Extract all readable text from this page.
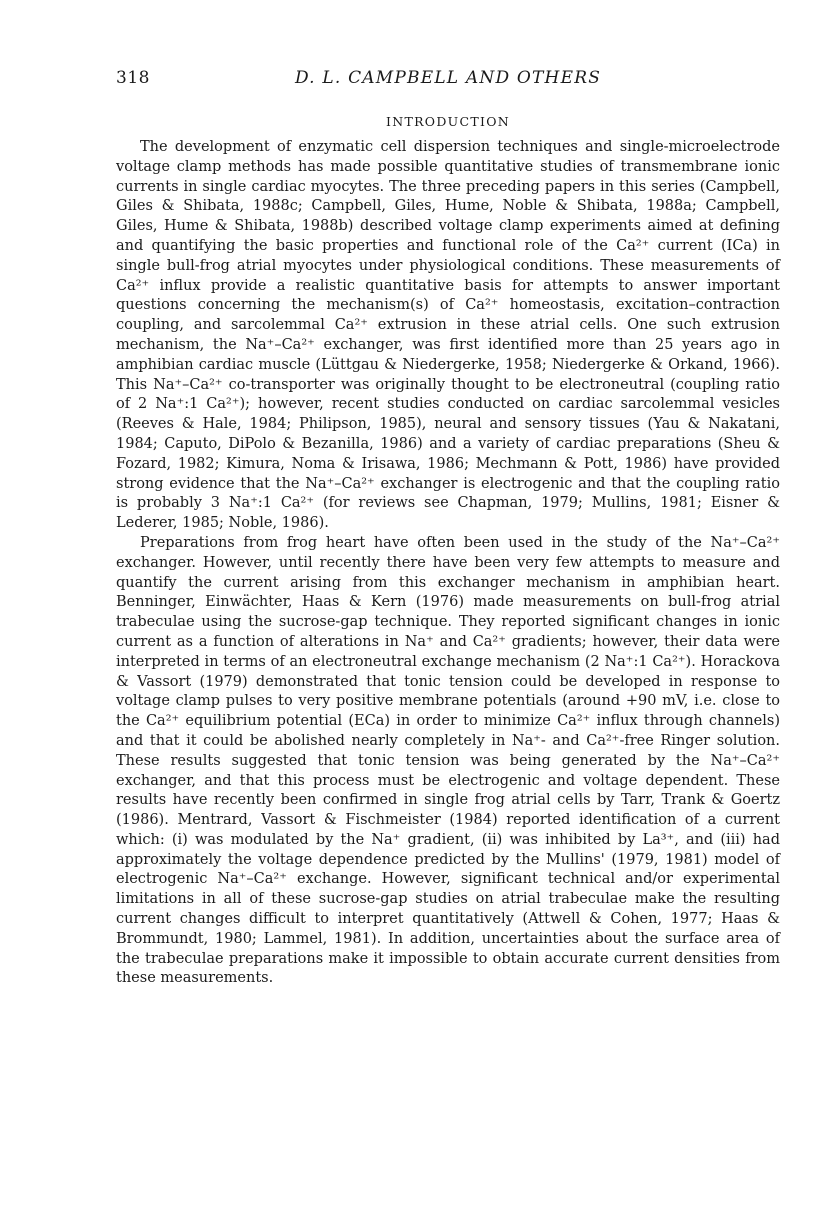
318	D. L. CAMPBELL AND OTHERS
INTRODUCTION

The development of enzymatic cell dispersion techniques and single-microelectrode voltage clamp methods has made possible quantitative studies of transmembrane ionic currents in single cardiac myocytes. The three preceding papers in this series (Campbell, Giles & Shibata, 1988c; Campbell, Giles, Hume, Noble & Shibata, 1988a; Campbell, Giles, Hume & Shibata, 1988b) described voltage clamp experiments aimed at defining and quantifying the basic properties and functional role of the Ca²⁺ current (ICa) in single bull-frog atrial myocytes under physiological conditions. These measurements of Ca²⁺ influx provide a realistic quantitative basis for attempts to answer important questions concerning the mechanism(s) of Ca²⁺ homeostasis, excitation–contraction coupling, and sarcolemmal Ca²⁺ extrusion in these atrial cells. One such extrusion mechanism, the Na⁺–Ca²⁺ exchanger, was first identified more than 25 years ago in amphibian cardiac muscle (Lüttgau & Niedergerke, 1958; Niedergerke & Orkand, 1966). This Na⁺–Ca²⁺ co-transporter was originally thought to be electroneutral (coupling ratio of 2 Na⁺:1 Ca²⁺); however, recent studies conducted on cardiac sarcolemmal vesicles (Reeves & Hale, 1984; Philipson, 1985), neural and sensory tissues (Yau & Nakatani, 1984; Caputo, DiPolo & Bezanilla, 1986) and a variety of cardiac preparations (Sheu & Fozard, 1982; Kimura, Noma & Irisawa, 1986; Mechmann & Pott, 1986) have provided strong evidence that the Na⁺–Ca²⁺ exchanger is electrogenic and that the coupling ratio is probably 3 Na⁺:1 Ca²⁺ (for reviews see Chapman, 1979; Mullins, 1981; Eisner & Lederer, 1985; Noble, 1986).

Preparations from frog heart have often been used in the study of the Na⁺–Ca²⁺ exchanger. However, until recently there have been very few attempts to measure and quantify the current arising from this exchanger mechanism in amphibian heart. Benninger, Einwächter, Haas & Kern (1976) made measurements on bull-frog atrial trabeculae using the sucrose-gap technique. They reported significant changes in ionic current as a function of alterations in Na⁺ and Ca²⁺ gradients; however, their data were interpreted in terms of an electroneutral exchange mechanism (2 Na⁺:1 Ca²⁺). Horackova & Vassort (1979) demonstrated that tonic tension could be developed in response to voltage clamp pulses to very positive membrane potentials (around +90 mV, i.e. close to the Ca²⁺ equilibrium potential (ECa) in order to minimize Ca²⁺ influx through channels) and that it could be abolished nearly completely in Na⁺- and Ca²⁺-free Ringer solution. These results suggested that tonic tension was being generated by the Na⁺–Ca²⁺ exchanger, and that this process must be electrogenic and voltage dependent. These results have recently been confirmed in single frog atrial cells by Tarr, Trank & Goertz (1986). Mentrard, Vassort & Fischmeister (1984) reported identification of a current which: (i) was modulated by the Na⁺ gradient, (ii) was inhibited by La³⁺, and (iii) had approximately the voltage dependence predicted by the Mullins' (1979, 1981) model of electrogenic Na⁺–Ca²⁺ exchange. However, significant technical and/or experimental limitations in all of these sucrose-gap studies on atrial trabeculae make the resulting current changes difficult to interpret quantitatively (Attwell & Cohen, 1977; Haas & Brommundt, 1980; Lammel, 1981). In addition, uncertainties about the surface area of the trabeculae preparations make it impossible to obtain accurate current densities from these measurements.
